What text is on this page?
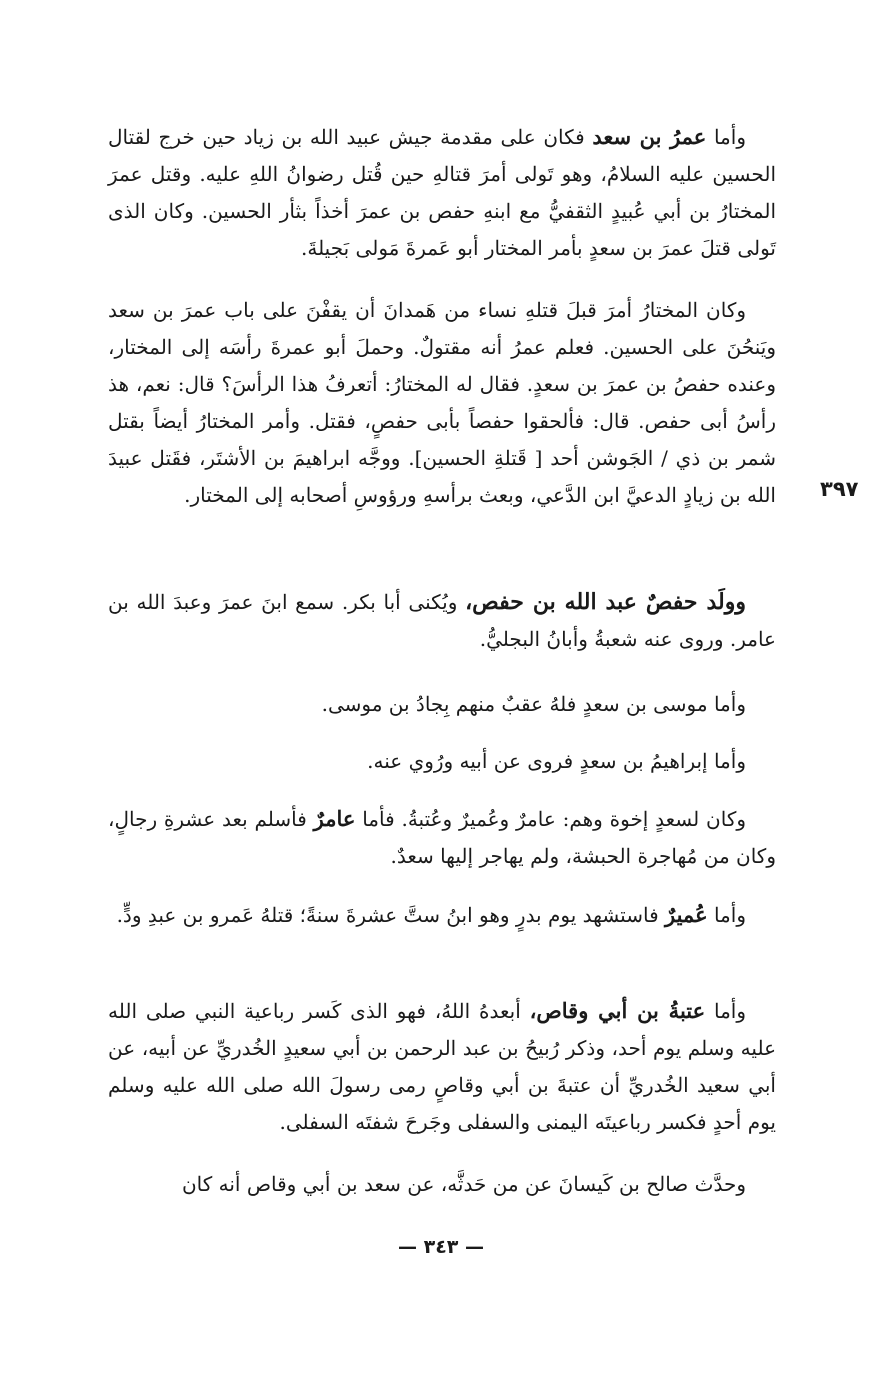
وأما عمرُ بن سعد فكان على مقدمة جيش عبيد الله بن زياد حين خرج لقتال الحسين عليه السلامُ، وهو تَولى أمرَ قتالهِ حين قُتل رضوانُ اللهِ عليه. وقتل عمرَ المختارُ بن أبي عُبيدٍ الثقفيُّ مع ابنهِ حفص بن عمرَ أخذاً بثأر الحسين. وكان الذى تَولى قتلَ عمرَ بن سعدٍ بأمر المختار أبو عَمرةَ مَولى بَجيلةَ.

وكان المختارُ أمرَ قبلَ قتلهِ نساء من هَمدانَ أن يقفْنَ على باب عمرَ بن سعد ويَنحُنَ على الحسين. فعلم عمرُ أنه مقتولٌ. وحملَ أبو عمرةَ رأسَه إلى المختار، وعنده حفصُ بن عمرَ بن سعدٍ. فقال له المختارُ: أتعرفُ هذا الرأسَ؟ قال: نعم، هذ رأسُ أبى حفص. قال: فألحقوا حفصاً بأبى حفصٍ، فقتل. وأمر المختارُ أيضاً بقتل شمر بن ذي / الجَوشن أحد [ قَتلةِ الحسين]. ووجَّه ابراهيمَ بن الأشتَر، فقَتل عبيدَ الله بن زيادٍ الدعيَّ ابن الدَّعي، وبعث برأسهِ ورؤوسِ أصحابه إلى المختار. ٣٩٧

وولَد حفصٌ عبد الله بن حفص، ويُكنى أبا بكر. سمع ابنَ عمرَ وعبدَ الله بن عامر. وروى عنه شعبةُ وأبانُ البجليُّ.

وأما موسى بن سعدٍ فلهُ عقبٌ منهم بِجادُ بن موسى.

وأما إبراهيمُ بن سعدٍ فروى عن أبيه ورُوي عنه.

وكان لسعدٍ إخوة وهم: عامرٌ وعُميرٌ وعُتبةُ. فأما عامرٌ فأسلم بعد عشرةِ رجالٍ، وكان من مُهاجرة الحبشة، ولم يهاجر إليها سعدٌ.

وأما عُميرٌ فاستشهد يوم بدرٍ وهو ابنُ ستَّ عشرةَ سنةً؛ قتلهُ عَمرو بن عبدِ ودٍّ.

وأما عتبةُ بن أبي وقاص، أبعدهُ اللهُ، فهو الذى كَسر رباعية النبي صلى الله عليه وسلم يوم أحد، وذكر رُبيحُ بن عبد الرحمن بن أبي سعيدٍ الخُدريِّ عن أبيه، عن أبي سعيد الخُدريِّ أن عتبةَ بن أبي وقاصٍ رمى رسولَ الله صلى الله عليه وسلم يوم أحدٍ فكسر رباعيتَه اليمنى والسفلى وجَرحَ شفتَه السفلى.

وحدَّث صالح بن كَيسانَ عن من حَدثَّه، عن سعد بن أبي وقاص أنه كان

— ٣٤٣ —
